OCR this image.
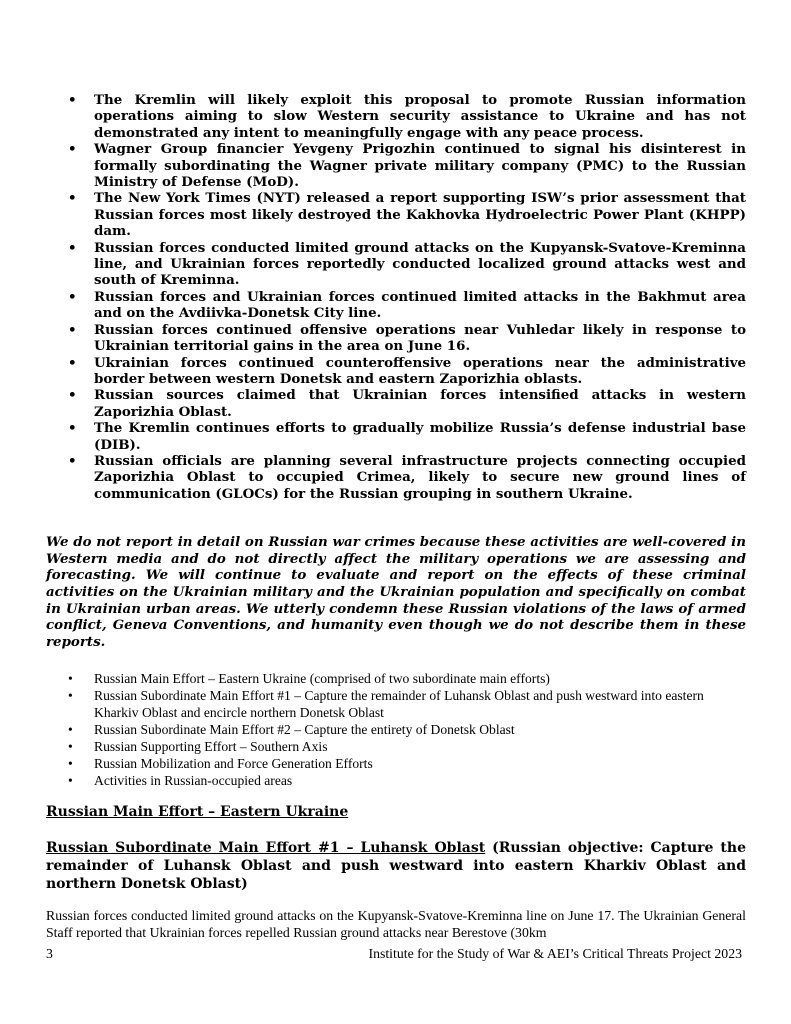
• The Kremlin will likely exploit this proposal to promote Russian information operations aiming to slow Western security assistance to Ukraine and has not demonstrated any intent to meaningfully engage with any peace process.
• Wagner Group financier Yevgeny Prigozhin continued to signal his disinterest in formally subordinating the Wagner private military company (PMC) to the Russian Ministry of Defense (MoD).
• The New York Times (NYT) released a report supporting ISW’s prior assessment that Russian forces most likely destroyed the Kakhovka Hydroelectric Power Plant (KHPP) dam.
• Russian forces conducted limited ground attacks on the Kupyansk-Svatove-Kreminna line, and Ukrainian forces reportedly conducted localized ground attacks west and south of Kreminna.
• Russian forces and Ukrainian forces continued limited attacks in the Bakhmut area and on the Avdiivka-Donetsk City line.
• Russian forces continued offensive operations near Vuhledar likely in response to Ukrainian territorial gains in the area on June 16.
• Ukrainian forces continued counteroffensive operations near the administrative border between western Donetsk and eastern Zaporizhia oblasts.
• Russian sources claimed that Ukrainian forces intensified attacks in western Zaporizhia Oblast.
• The Kremlin continues efforts to gradually mobilize Russia’s defense industrial base (DIB).
• Russian officials are planning several infrastructure projects connecting occupied Zaporizhia Oblast to occupied Crimea, likely to secure new ground lines of communication (GLOCs) for the Russian grouping in southern Ukraine.

We do not report in detail on Russian war crimes because these activities are well-covered in Western media and do not directly affect the military operations we are assessing and forecasting. We will continue to evaluate and report on the effects of these criminal activities on the Ukrainian military and the Ukrainian population and specifically on combat in Ukrainian urban areas. We utterly condemn these Russian violations of the laws of armed conflict, Geneva Conventions, and humanity even though we do not describe them in these reports.

• Russian Main Effort – Eastern Ukraine (comprised of two subordinate main efforts)
• Russian Subordinate Main Effort #1 – Capture the remainder of Luhansk Oblast and push westward into eastern Kharkiv Oblast and encircle northern Donetsk Oblast
• Russian Subordinate Main Effort #2 – Capture the entirety of Donetsk Oblast
• Russian Supporting Effort – Southern Axis
• Russian Mobilization and Force Generation Efforts
• Activities in Russian-occupied areas
Russian Main Effort – Eastern Ukraine
Russian Subordinate Main Effort #1 – Luhansk Oblast (Russian objective: Capture the remainder of Luhansk Oblast and push westward into eastern Kharkiv Oblast and northern Donetsk Oblast)

Russian forces conducted limited ground attacks on the Kupyansk-Svatove-Kreminna line on June 17. The Ukrainian General Staff reported that Ukrainian forces repelled Russian ground attacks near Berestove (30km

3	Institute for the Study of War & AEI’s Critical Threats Project 2023
